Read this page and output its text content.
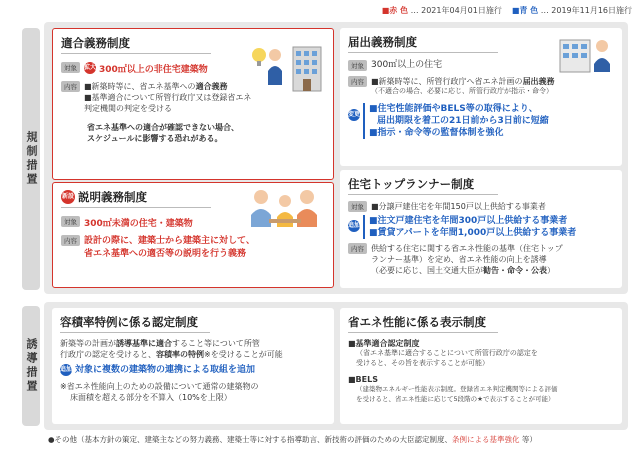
■赤 色 … 2021年04月01日施行 ■青 色 … 2019年11月16日施行
規制措置
誘導措置
適合義務制度
対象	拡大 300㎡以上の非住宅建築物
内容 ■新築時等に、省エネ基準への適合義務
■基準適合について所管行政庁又は登録省エネ
判定機関の判定を受ける
省エネ基準への適合が確認できない場合、
スケジュールに影響する恐れがある。
新設 説明義務制度
対象 300㎡未満の住宅・建築物
内容 設計の際に、建築士から建築主に対して、
省エネ基準への適否等の説明を行う義務
届出義務制度
対象 300㎡以上の住宅
内容 ■新築時等に、所管行政庁へ省エネ計画の届出義務
（不適合の場合、必要に応じ、所管行政庁が指示・命令）
変更
■住宅性能評価やBELS等の取得により、
届出期限を着工の21日前から3日前に短縮
■指示・命令等の監督体制を強化
住宅トップランナー制度
対象 ■分譲戸建住宅を年間150戸以上供給する事業者
追加 ■注文戸建住宅を年間300戸以上供給する事業者
■賃貸アパートを年間1,000戸以上供給する事業者
内容 供給する住宅に関する省エネ性能の基準（住宅トップ
ランナー基準）を定め、省エネ性能の向上を誘導
（必要に応じ、国土交通大臣が勧告・命令・公表）
容積率特例に係る認定制度
新築等の計画が誘導基準に適合すること等について所管
行政庁の認定を受けると、容積率の特例※を受けることが可能
追加 対象に複数の建築物の連携による取組を追加
※省エネ性能向上のための設備について通常の建築物の
床面積を超える部分を不算入（10%を上限）
省エネ性能に係る表示制度
■基準適合認定制度
（省エネ基準に適合することについて所管行政庁の認定を
受けると、その旨を表示することが可能）
■BELS
（建築物エネルギー性能表示制度。登録省エネ判定機関等による評価
を受けると、省エネ性能に応じて5段階の★で表示することが可能）
●その他（基本方針の策定、建築主などの努力義務、建築士等に対する指導助言、新技術の評価のための大臣認定制度、条例による基準強化 等）
